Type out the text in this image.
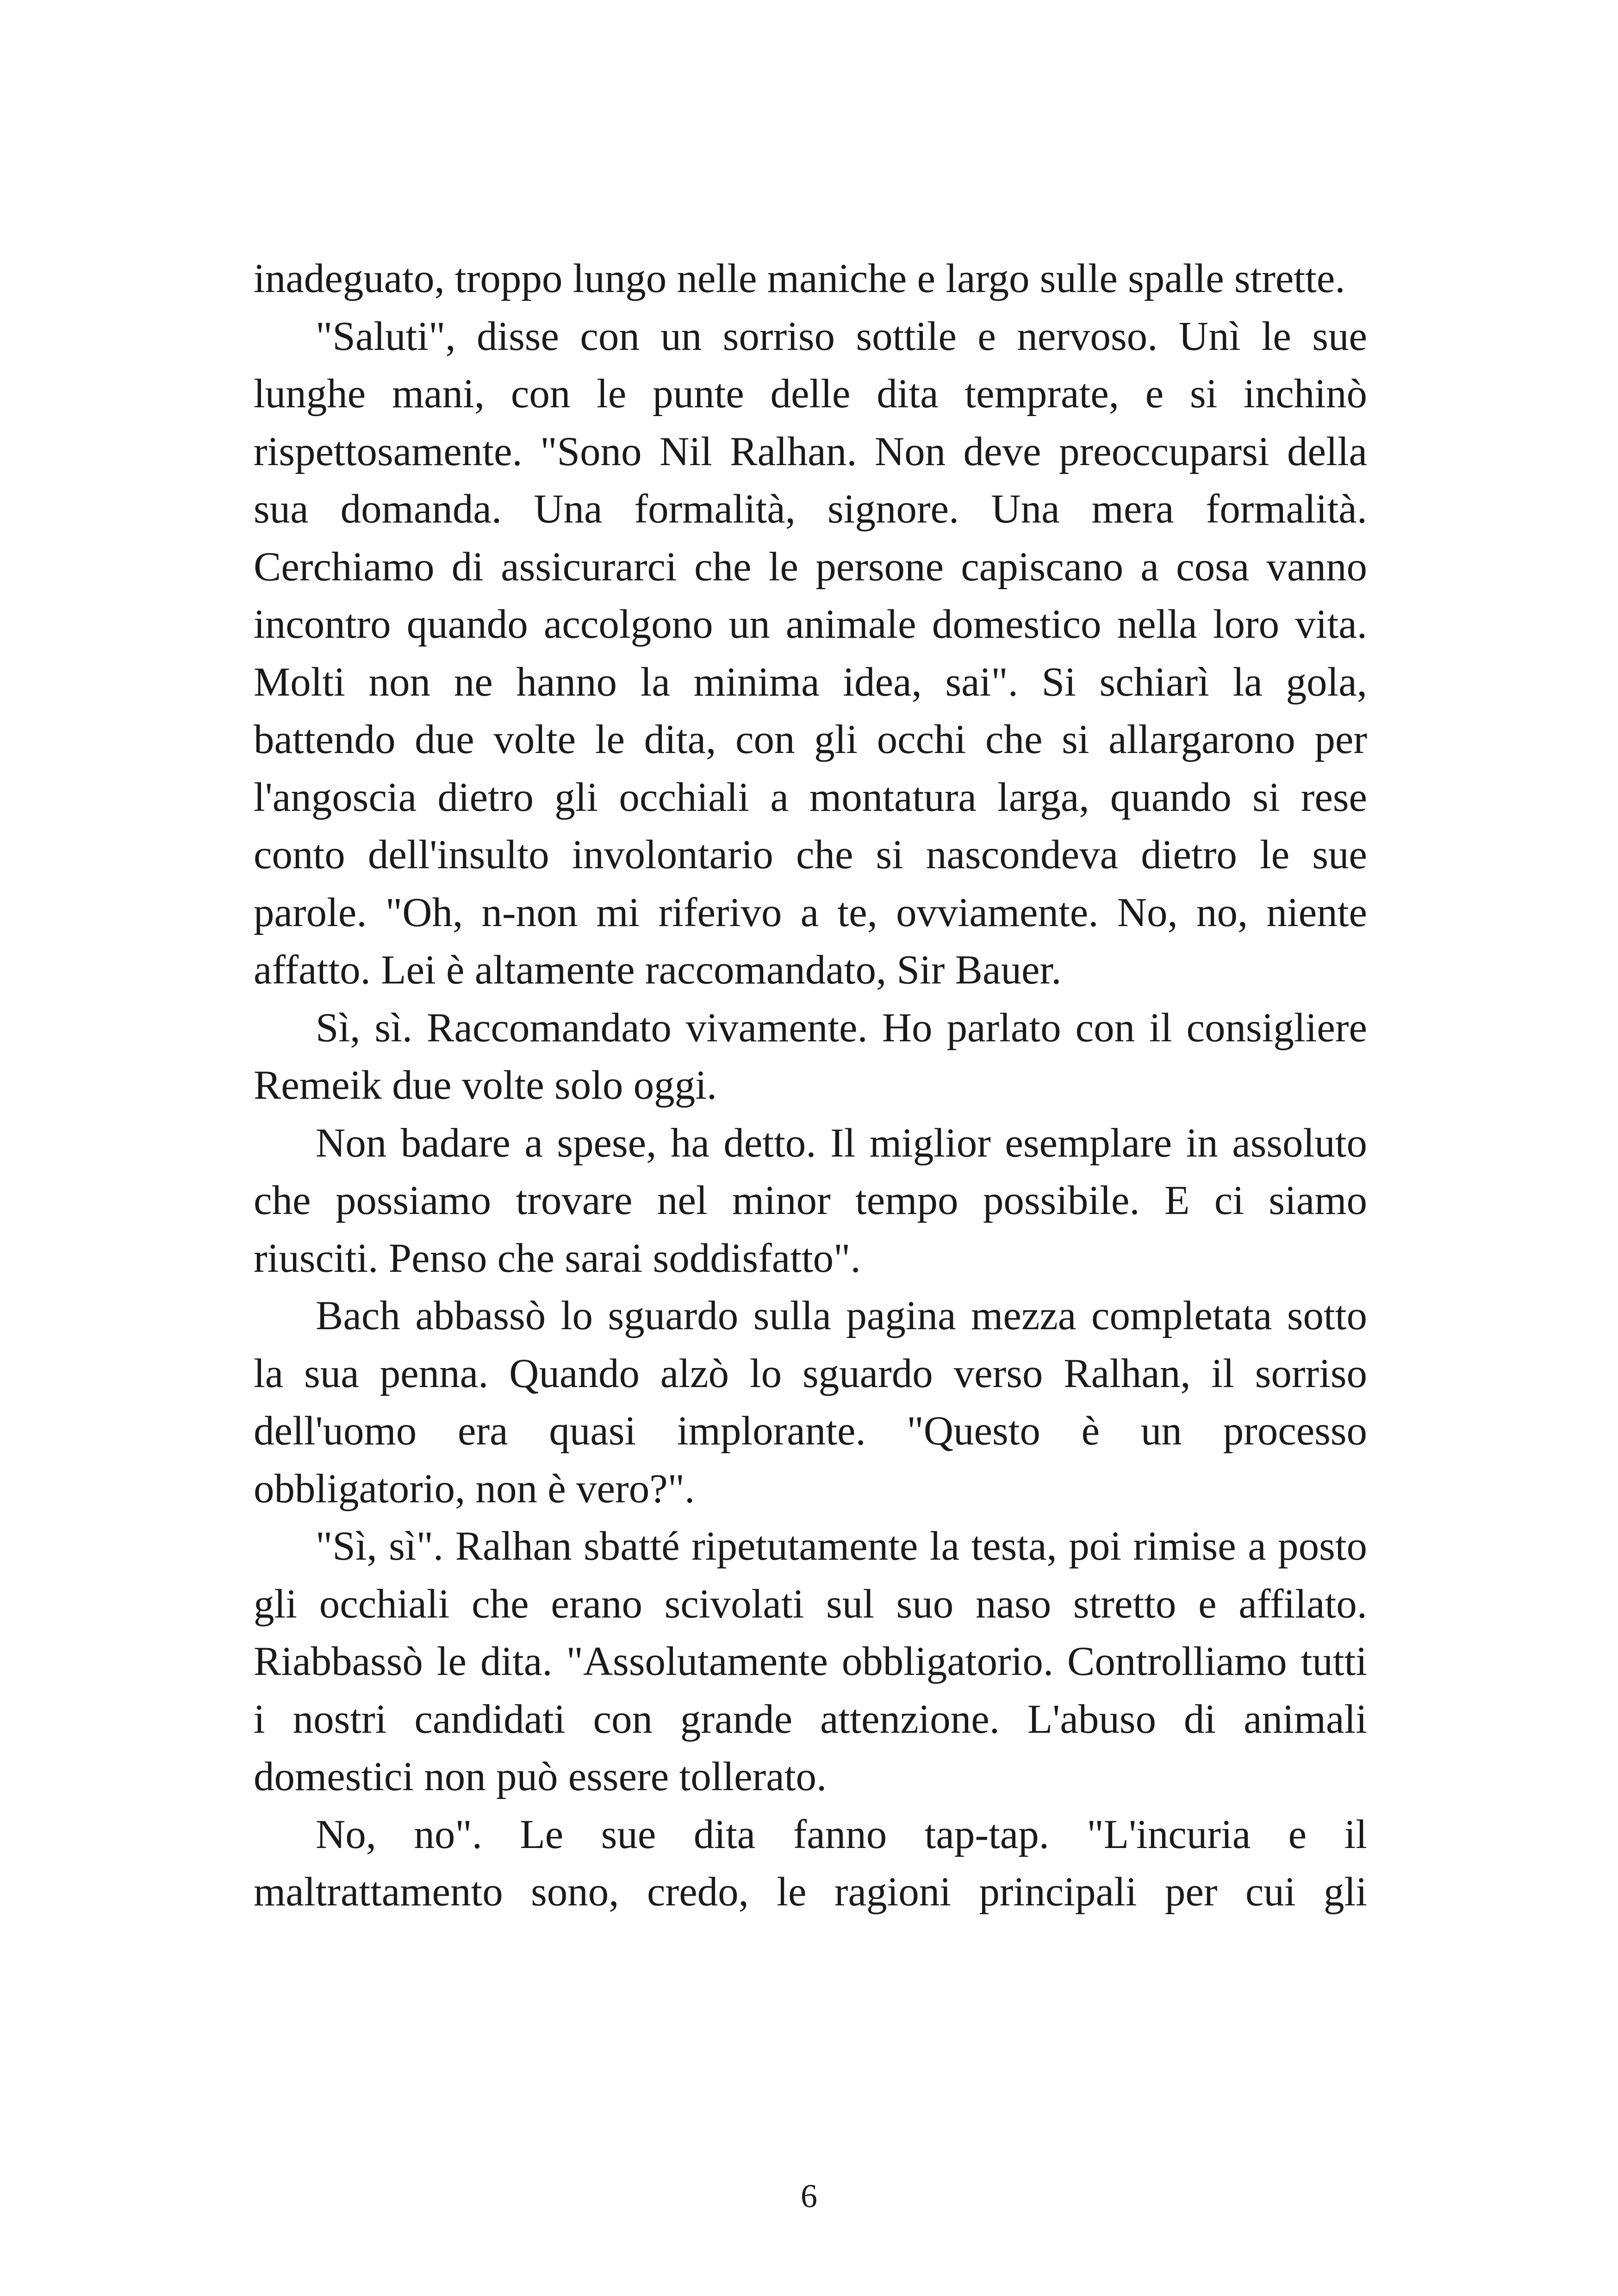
inadeguato, troppo lungo nelle maniche e largo sulle spalle strette.

"Saluti", disse con un sorriso sottile e nervoso. Unì le sue lunghe mani, con le punte delle dita temprate, e si inchinò rispettosamente. "Sono Nil Ralhan. Non deve preoccuparsi della sua domanda. Una formalità, signore. Una mera formalità. Cerchiamo di assicurarci che le persone capiscano a cosa vanno incontro quando accolgono un animale domestico nella loro vita. Molti non ne hanno la minima idea, sai". Si schiarì la gola, battendo due volte le dita, con gli occhi che si allargarono per l'angoscia dietro gli occhiali a montatura larga, quando si rese conto dell'insulto involontario che si nascondeva dietro le sue parole. "Oh, n-non mi riferivo a te, ovviamente. No, no, niente affatto. Lei è altamente raccomandato, Sir Bauer.

Sì, sì. Raccomandato vivamente. Ho parlato con il consigliere Remeik due volte solo oggi.

Non badare a spese, ha detto. Il miglior esemplare in assoluto che possiamo trovare nel minor tempo possibile. E ci siamo riusciti. Penso che sarai soddisfatto".

Bach abbassò lo sguardo sulla pagina mezza completata sotto la sua penna. Quando alzò lo sguardo verso Ralhan, il sorriso dell'uomo era quasi implorante. "Questo è un processo obbligatorio, non è vero?".

"Sì, sì". Ralhan sbatté ripetutamente la testa, poi rimise a posto gli occhiali che erano scivolati sul suo naso stretto e affilato. Riabbassò le dita. "Assolutamente obbligatorio. Controlliamo tutti i nostri candidati con grande attenzione. L'abuso di animali domestici non può essere tollerato.

No, no". Le sue dita fanno tap-tap. "L'incuria e il maltrattamento sono, credo, le ragioni principali per cui gli

6
